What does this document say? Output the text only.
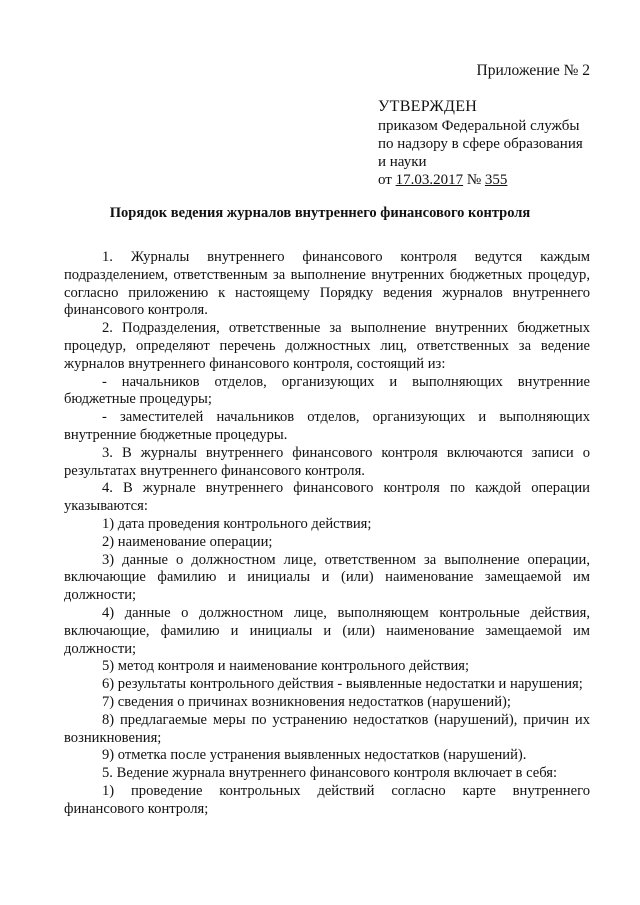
Приложение № 2
УТВЕРЖДЕН
приказом Федеральной службы
по надзору в сфере образования
и науки
от 17.03.2017 № 355
Порядок ведения журналов внутреннего финансового контроля

1. Журналы внутреннего финансового контроля ведутся каждым подразделением, ответственным за выполнение внутренних бюджетных процедур, согласно приложению к настоящему Порядку ведения журналов внутреннего финансового контроля.

2. Подразделения, ответственные за выполнение внутренних бюджетных процедур, определяют перечень должностных лиц, ответственных за ведение журналов внутреннего финансового контроля, состоящий из:

- начальников отделов, организующих и выполняющих внутренние бюджетные процедуры;

- заместителей начальников отделов, организующих и выполняющих внутренние бюджетные процедуры.

3. В журналы внутреннего финансового контроля включаются записи о результатах внутреннего финансового контроля.

4. В журнале внутреннего финансового контроля по каждой операции указываются:

1) дата проведения контрольного действия;

2) наименование операции;

3) данные о должностном лице, ответственном за выполнение операции, включающие фамилию и инициалы и (или) наименование замещаемой им должности;

4) данные о должностном лице, выполняющем контрольные действия, включающие, фамилию и инициалы и (или) наименование замещаемой им должности;

5) метод контроля и наименование контрольного действия;

6) результаты контрольного действия - выявленные недостатки и нарушения;

7) сведения о причинах возникновения недостатков (нарушений);

8) предлагаемые меры по устранению недостатков (нарушений), причин их возникновения;

9) отметка после устранения выявленных недостатков (нарушений).

5. Ведение журнала внутреннего финансового контроля включает в себя:

1) проведение контрольных действий согласно карте внутреннего финансового контроля;
